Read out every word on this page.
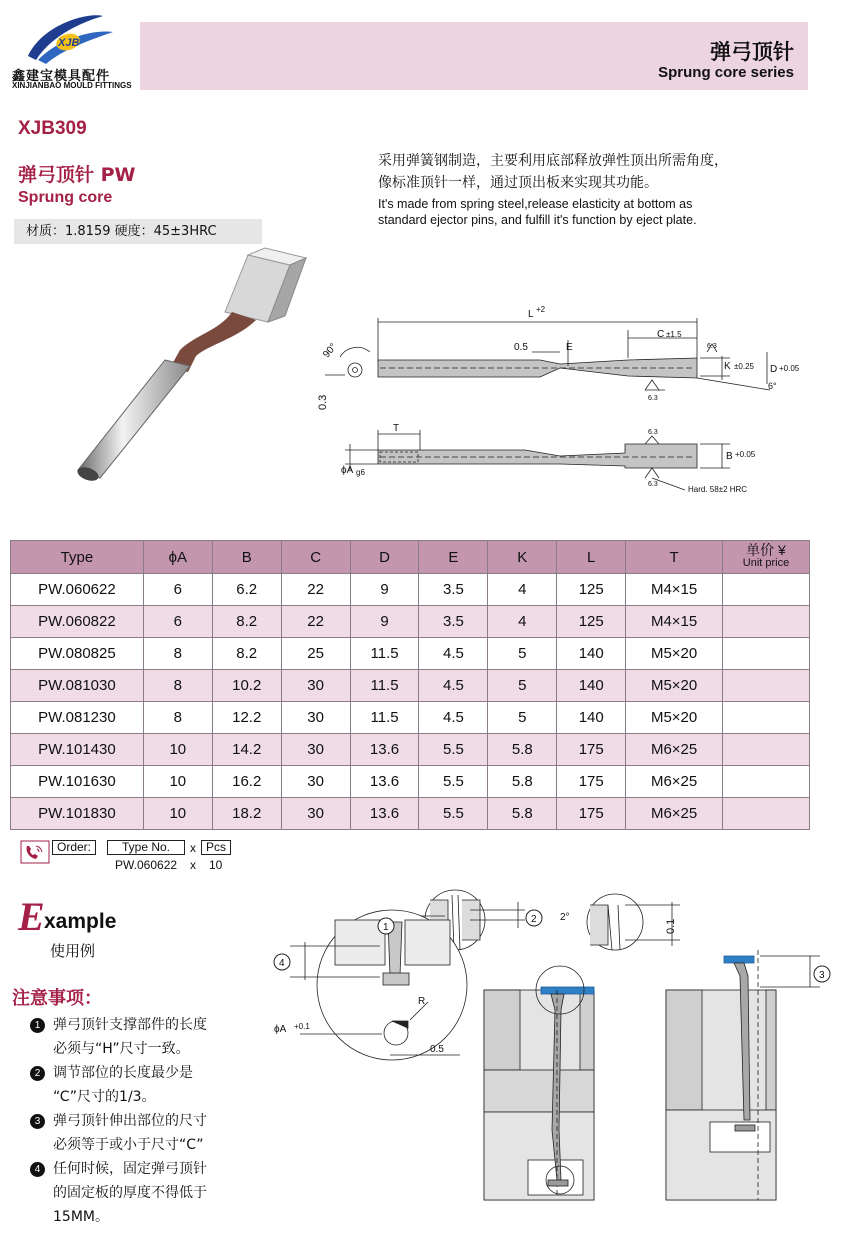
XJB
鑫建宝模具配件
XINJIANBAO MOULD FITTINGS
弹弓顶针
Sprung core series
XJB309
弹弓顶针 PW
Sprung core
材质：1.8159 硬度：45±3HRC
采用弹簧钢制造，主要利用底部释放弹性顶出所需角度，
像标准顶针一样，通过顶出板来实现其功能。
It's made from spring steel,release elasticity at bottom as
standard ejector pins, and fulfill it's function by eject plate.
L +2
C ±1.5
0.5	E
K ±0.25 D +0.05
6°
90°
0.3
6.3
6.3
T
ϕA g6
B +0.05
Hard. 58±2 HRC
6.3
6.3
Type	ϕA	B	C	D	E	K	L	T	单价 ¥
Unit price

PW.060622	6	6.2	22	9	3.5	4	125	M4×15	
PW.060822	6	8.2	22	9	3.5	4	125	M4×15	
PW.080825	8	8.2	25	11.5	4.5	5	140	M5×20	
PW.081030	8	10.2	30	11.5	4.5	5	140	M5×20	
PW.081230	8	12.2	30	11.5	4.5	5	140	M5×20	
PW.101430	10	14.2	30	13.6	5.5	5.8	175	M6×25	
PW.101630	10	16.2	30	13.6	5.5	5.8	175	M6×25	
PW.101830	10	18.2	30	13.6	5.5	5.8	175	M6×25	
Order:	Type No.	x Pcs
PW.060622 x 10
E xample
使用例
注意事项：
1 弹弓顶针支撑部件的长度
必须与“H”尺寸一致。
2 调节部位的长度最少是
“C”尺寸的1/3。
3 弹弓顶针伸出部位的尺寸
必须等于或小于尺寸“C”
4 任何时候，固定弹弓顶针
的固定板的厚度不得低于
15MM。
1
2
3
4
2°
0.1
R
ϕA +0.1
0.5
